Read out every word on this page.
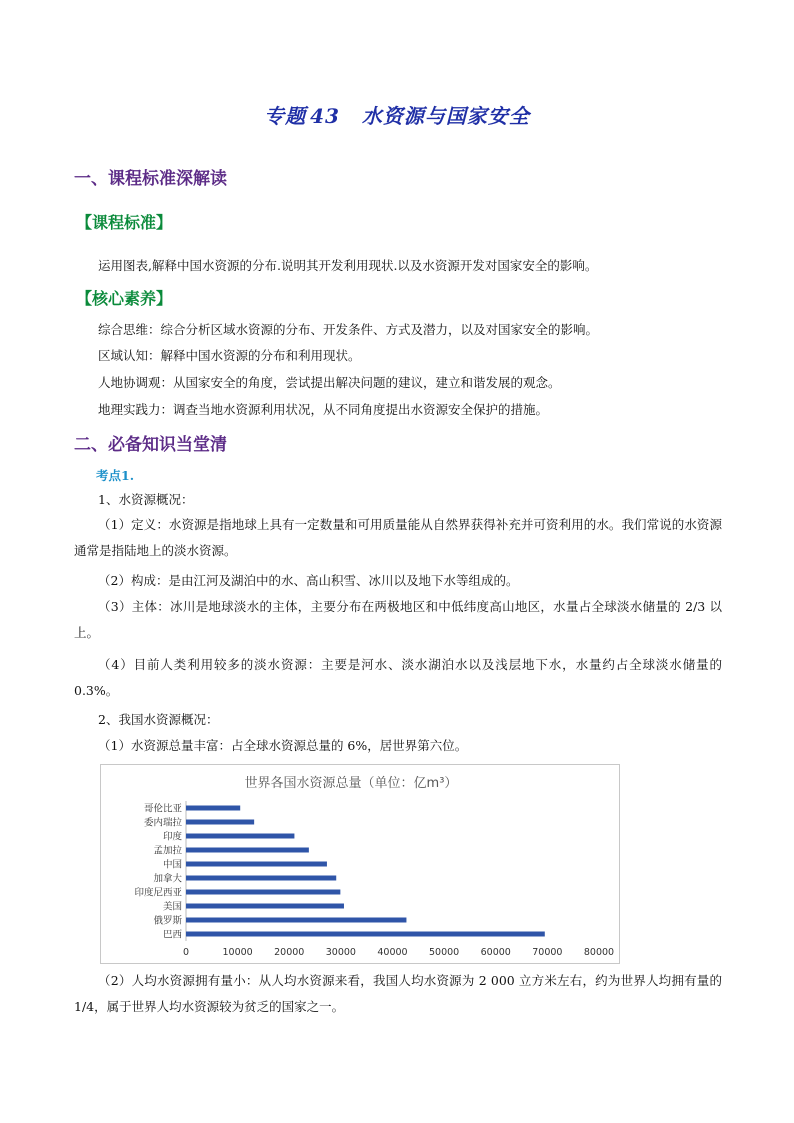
专题 43 水资源与国家安全
一、课程标准深解读
【课程标准】
运用图表,解释中国水资源的分布.说明其开发利用现状.以及水资源开发对国家安全的影响。
【核心素养】
综合思维：综合分析区域水资源的分布、开发条件、方式及潜力，以及对国家安全的影响。
区域认知：解释中国水资源的分布和利用现状。
人地协调观：从国家安全的角度，尝试提出解决问题的建议，建立和谐发展的观念。
地理实践力：调查当地水资源利用状况，从不同角度提出水资源安全保护的措施。
二、必备知识当堂清
考点1.
1、水资源概况：
（1）定义：水资源是指地球上具有一定数量和可用质量能从自然界获得补充并可资利用的水。我们常说的水资源通常是指陆地上的淡水资源。
（2）构成：是由江河及湖泊中的水、高山积雪、冰川以及地下水等组成的。
（3）主体：冰川是地球淡水的主体，主要分布在两极地区和中低纬度高山地区，水量占全球淡水储量的 2/3 以上。
（4）目前人类利用较多的淡水资源：主要是河水、淡水湖泊水以及浅层地下水，水量约占全球淡水储量的 0.3%。
2、我国水资源概况：
（1）水资源总量丰富：占全球水资源总量的 6%，居世界第六位。
世界各国水资源总量（单位：亿m³）
哥伦比亚
委内瑞拉
印度
孟加拉
中国
加拿大
印度尼西亚
美国
俄罗斯
巴西
0	10000 20000 30000 40000 50000 60000 70000 80000
（2）人均水资源拥有量小：从人均水资源来看，我国人均水资源为 2 000 立方米左右，约为世界人均拥有量的 1/4，属于世界人均水资源较为贫乏的国家之一。
